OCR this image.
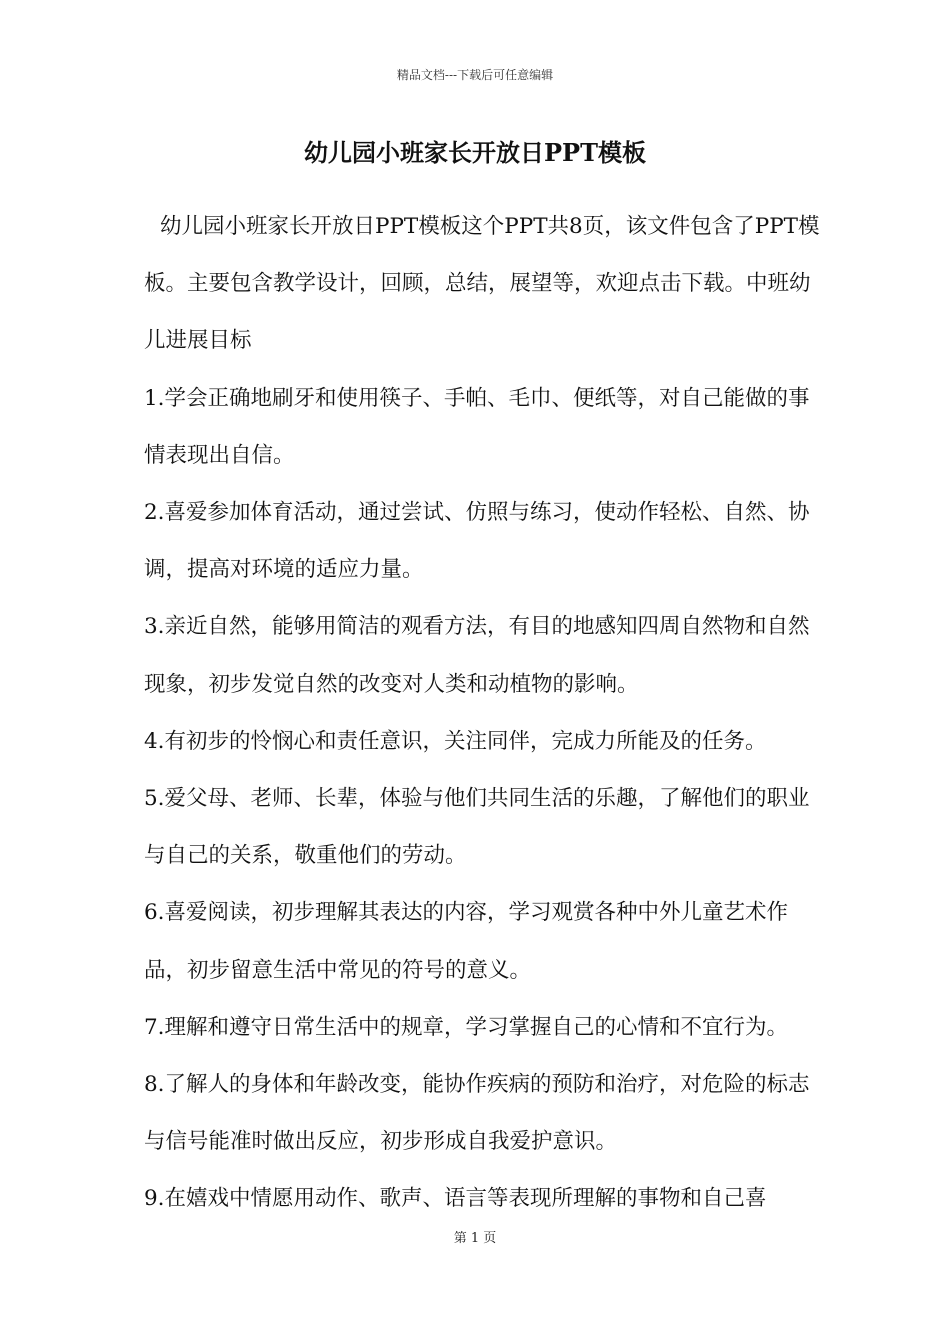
精品文档---下载后可任意编辑
幼儿园小班家长开放日PPT模板

幼儿园小班家长开放日PPT模板这个PPT共8页，该文件包含了PPT模板。主要包含教学设计，回顾，总结，展望等，欢迎点击下载。中班幼儿进展目标

1.学会正确地刷牙和使用筷子、手帕、毛巾、便纸等，对自己能做的事情表现出自信。

2.喜爱参加体育活动，通过尝试、仿照与练习，使动作轻松、自然、协调，提高对环境的适应力量。

3.亲近自然，能够用简洁的观看方法，有目的地感知四周自然物和自然现象，初步发觉自然的改变对人类和动植物的影响。

4.有初步的怜悯心和责任意识，关注同伴，完成力所能及的任务。

5.爱父母、老师、长辈，体验与他们共同生活的乐趣，了解他们的职业与自己的关系，敬重他们的劳动。

6.喜爱阅读，初步理解其表达的内容，学习观赏各种中外儿童艺术作品，初步留意生活中常见的符号的意义。

7.理解和遵守日常生活中的规章，学习掌握自己的心情和不宜行为。

8.了解人的身体和年龄改变，能协作疾病的预防和治疗，对危险的标志与信号能准时做出反应，初步形成自我爱护意识。

9.在嬉戏中情愿用动作、歌声、语言等表现所理解的事物和自己喜

第 1 页
